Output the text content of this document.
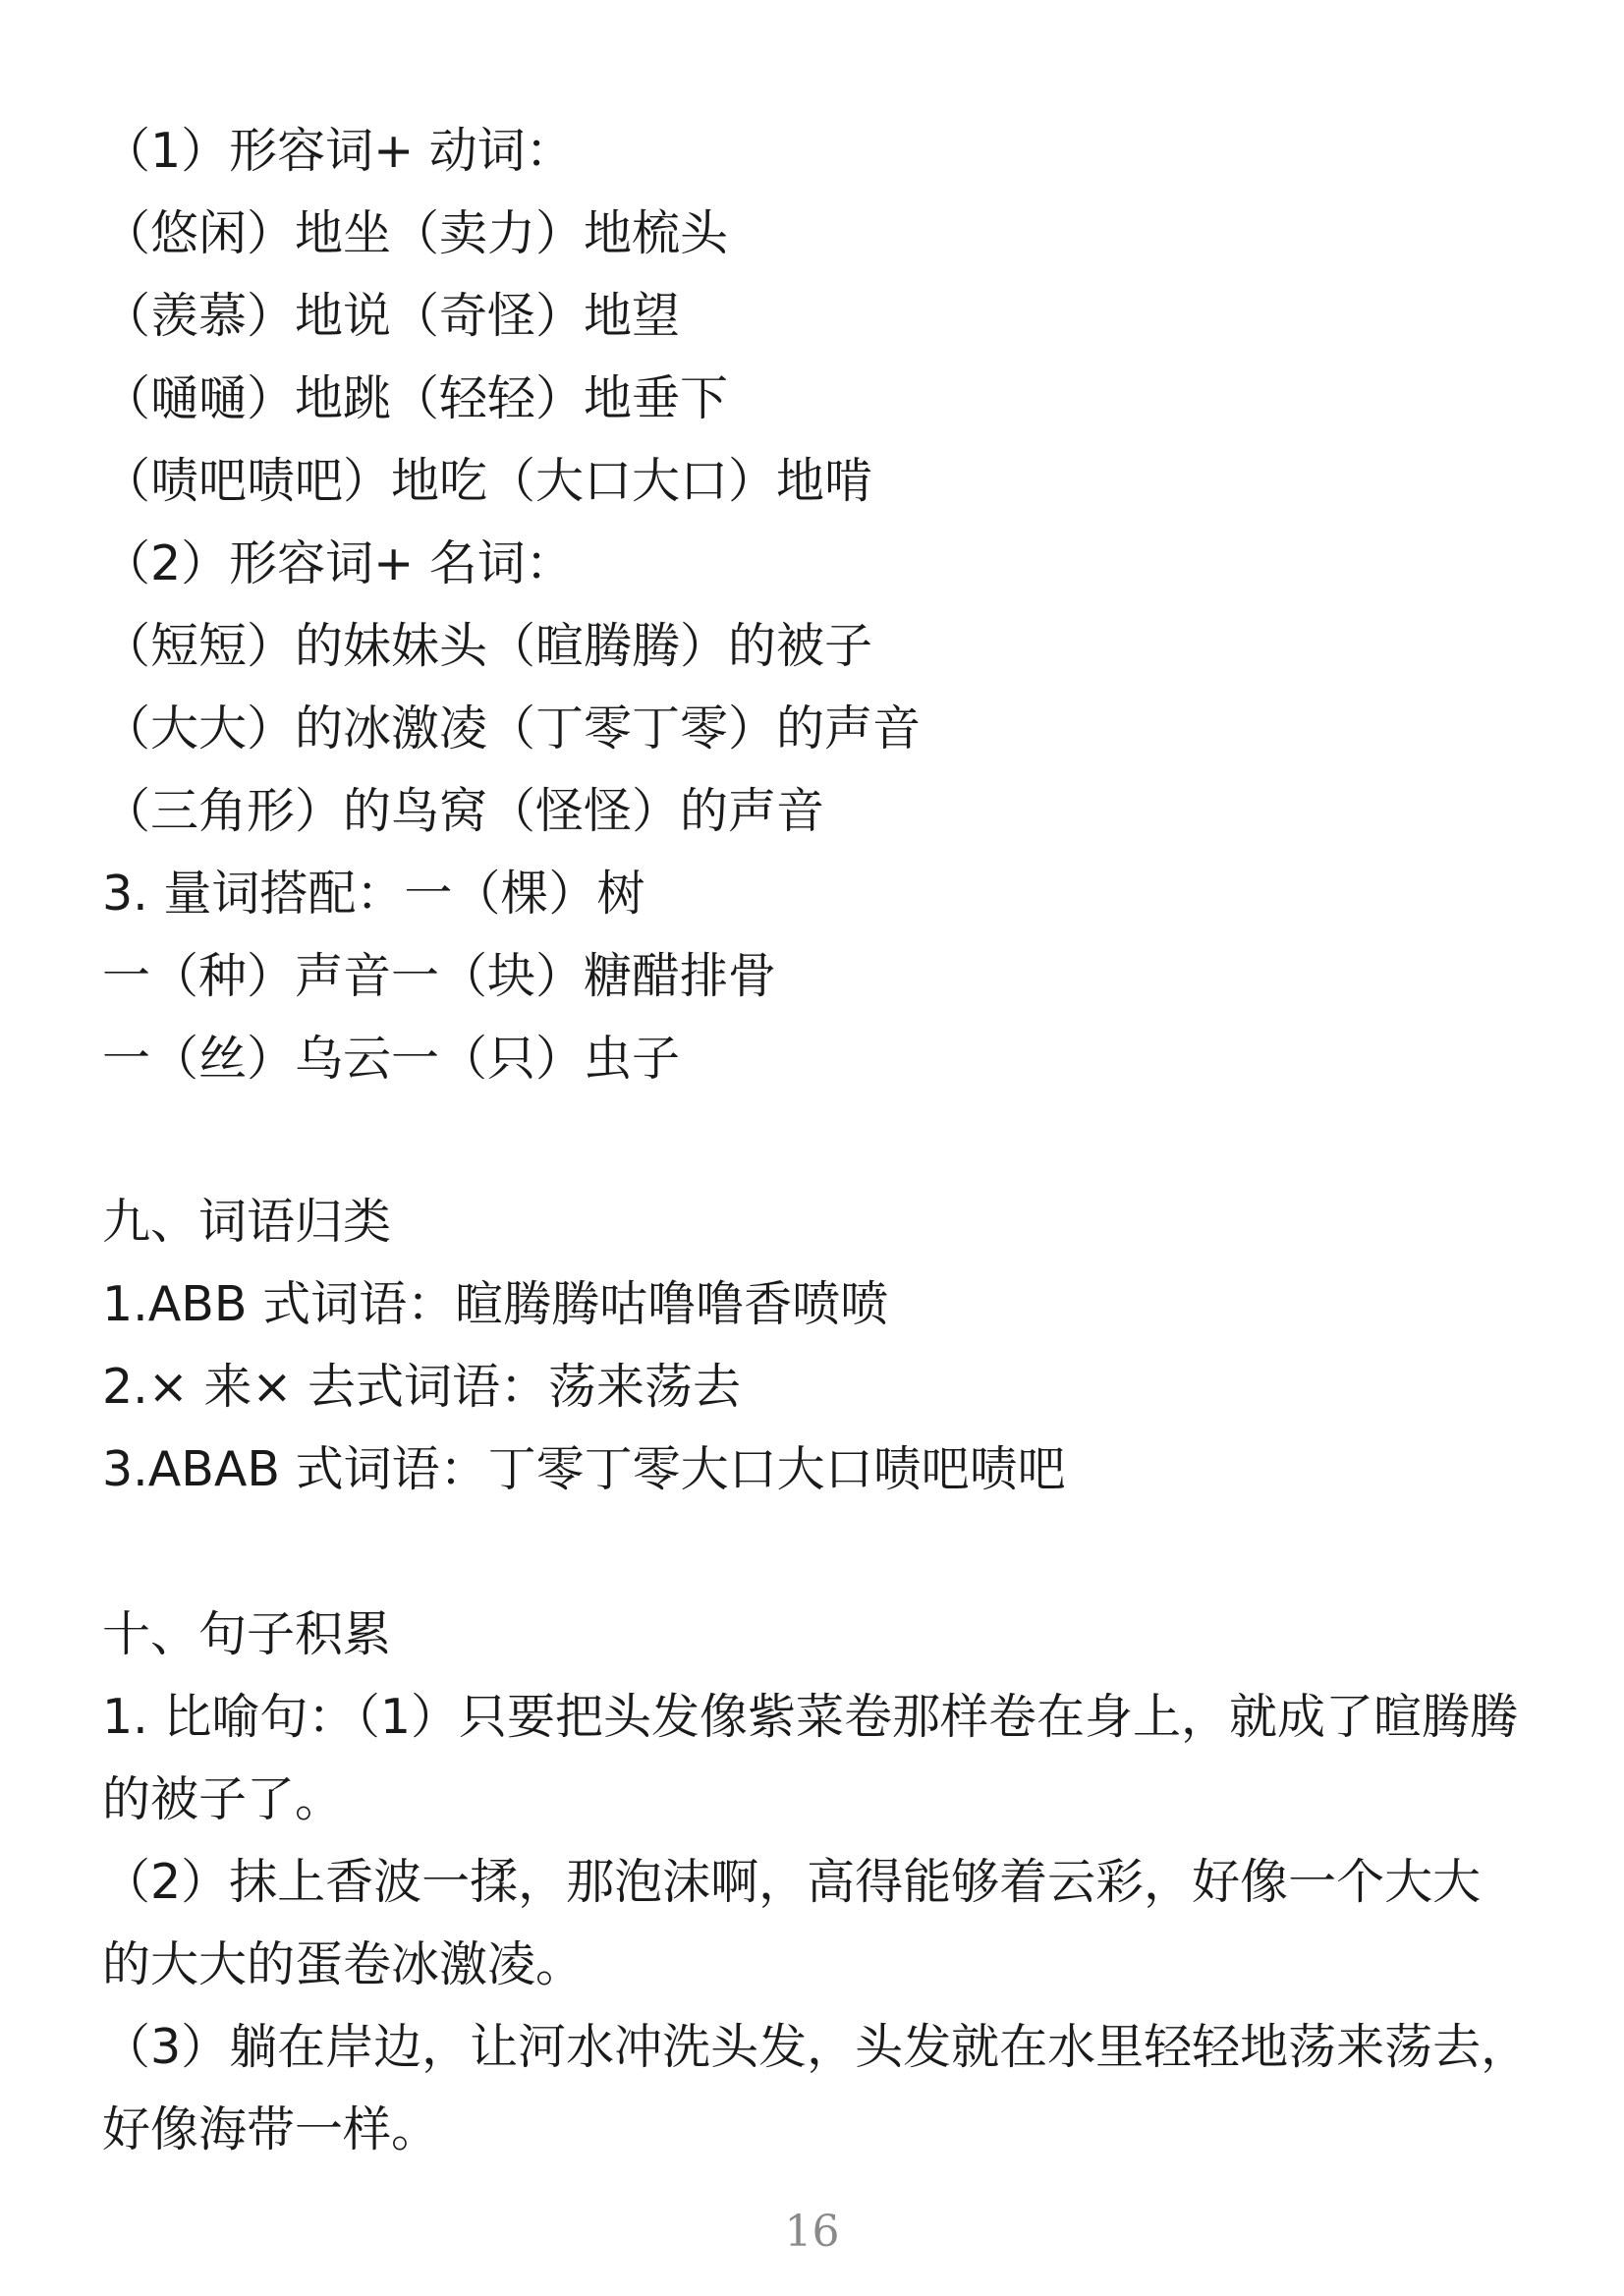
（1）形容词+ 动词：
（悠闲）地坐（卖力）地梳头
（羡慕）地说（奇怪）地望
（嗵嗵）地跳（轻轻）地垂下
（啧吧啧吧）地吃（大口大口）地啃
（2）形容词+ 名词：
（短短）的妹妹头（暄腾腾）的被子
（大大）的冰激凌（丁零丁零）的声音
（三角形）的鸟窝（怪怪）的声音
3. 量词搭配：一（棵）树
一（种）声音一（块）糖醋排骨
一（丝）乌云一（只）虫子
九、词语归类
1.ABB 式词语：暄腾腾咕噜噜香喷喷
2.× 来× 去式词语：荡来荡去
3.ABAB 式词语：丁零丁零大口大口啧吧啧吧
十、句子积累
1. 比喻句：（1）只要把头发像紫菜卷那样卷在身上，就成了暄腾腾
的被子了。
（2）抹上香波一揉，那泡沫啊，高得能够着云彩，好像一个大大
的大大的蛋卷冰激凌。
（3）躺在岸边，让河水冲洗头发，头发就在水里轻轻地荡来荡去，
好像海带一样。
16
